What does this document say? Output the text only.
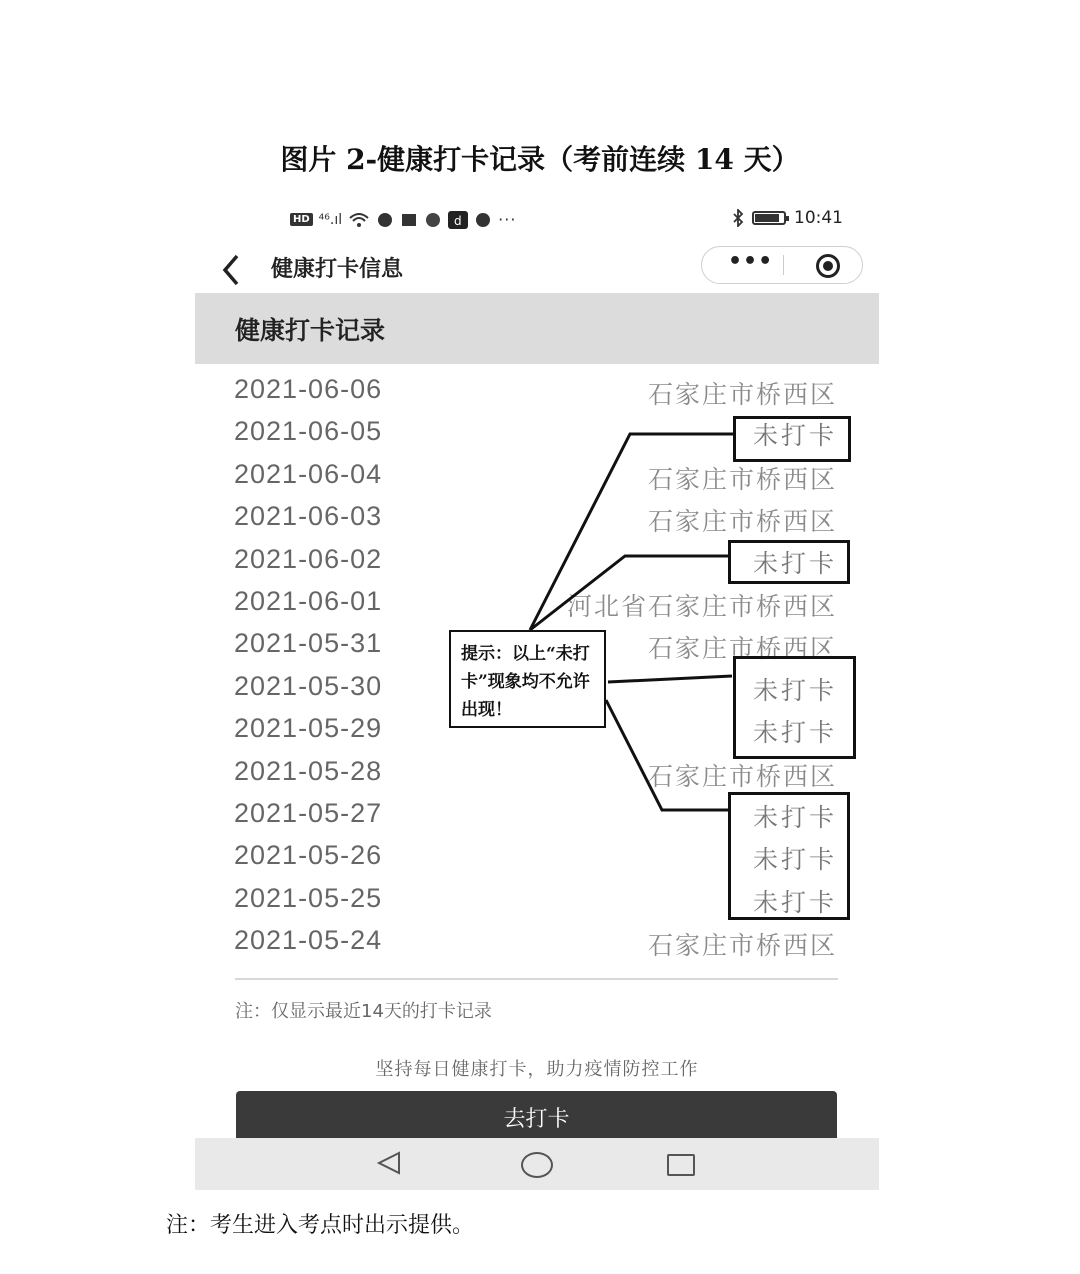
图片 2-健康打卡记录（考前连续 14 天）
HD ⁴⁶.ıl	d ···	10:41
健康打卡信息	•••
健康打卡记录
2021-06-06	石家庄市桥西区
2021-06-05	未打卡
2021-06-04	石家庄市桥西区
2021-06-03	石家庄市桥西区
2021-06-02	未打卡
2021-06-01	河北省石家庄市桥西区
2021-05-31	石家庄市桥西区
2021-05-30	未打卡
2021-05-29	未打卡
2021-05-28	石家庄市桥西区
2021-05-27	未打卡
2021-05-26	未打卡
2021-05-25	未打卡
2021-05-24	石家庄市桥西区
注：仅显示最近14天的打卡记录
坚持每日健康打卡，助力疫情防控工作
去打卡
提示：以上“未打卡”现象均不允许出现！
注：考生进入考点时出示提供。
